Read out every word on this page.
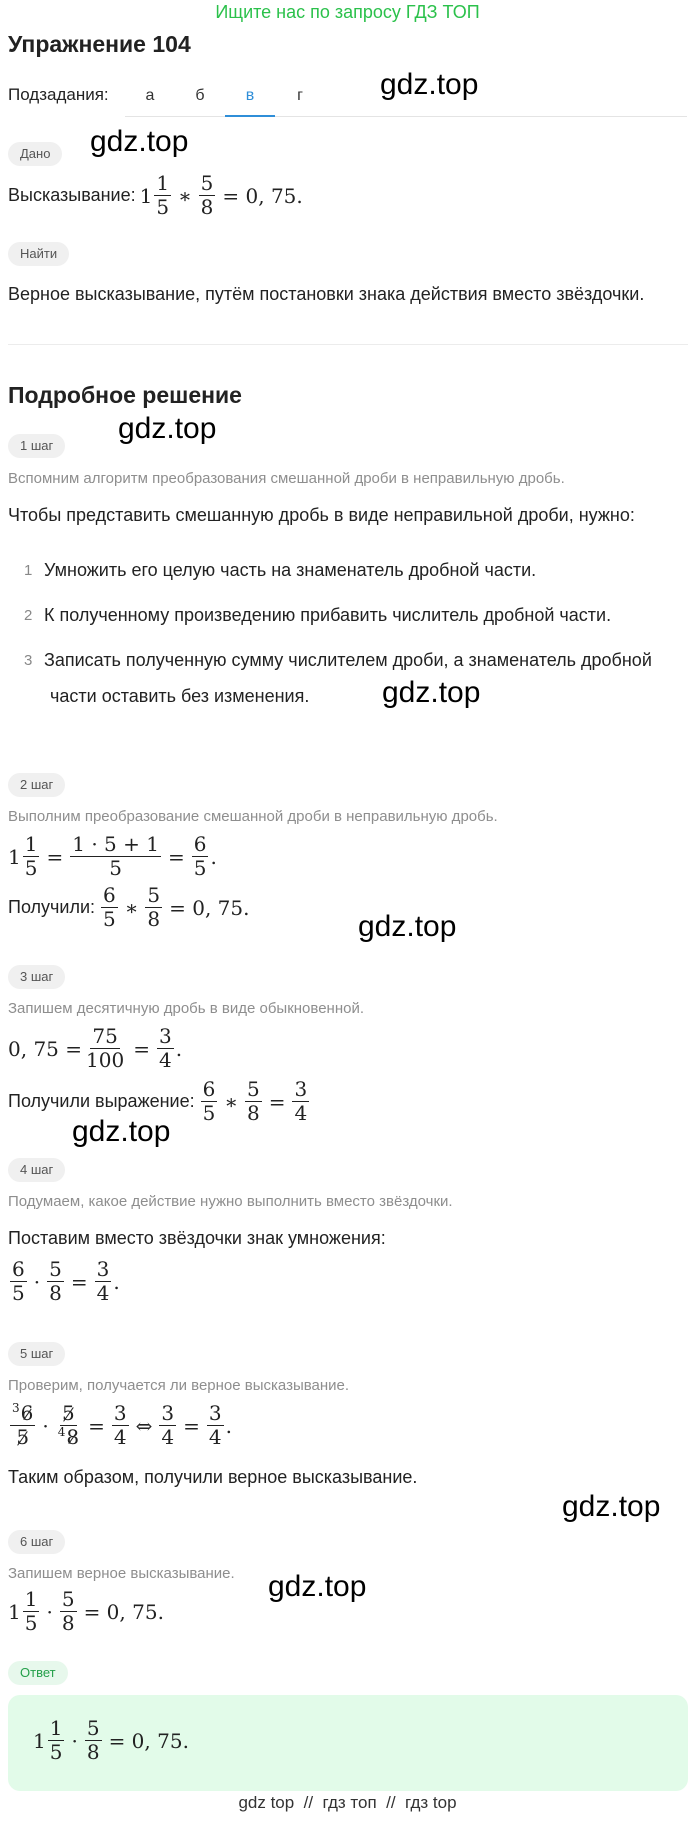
Ищите нас по запросу ГДЗ ТОП
Упражнение 104
Подзадания:	а	б	в	г	gdz.top
Дано	gdz.top
Высказывание: $1 \frac{1}{5}$ ∗ $\frac{5}{8} = 0$, 75.
Найти
Верное высказывание, путём постановки знака действия вместо звёздочки.
Подробное решение
1 шаг
gdz.top
Вспомним алгоритм преобразования смешанной дроби в неправильную дробь.
Чтобы представить смешанную дробь в виде неправильной дроби, нужно:
1 Умножить его целую часть на знаменатель дробной части.
2 К полученному произведению прибавить числитель дробной части.
3 Записать полученную сумму числителем дроби, а знаменатель дробной
части оставить без изменения. gdz.top
2 шаг
Выполним преобразование смешанной дроби в неправильную дробь.
$1 \frac{1}{5} = \frac{1 \cdot 5 + 1}{5} = \frac{6}{5}$ .
Получили: $\frac{6}{5}$ ∗ $\frac{5}{8} = 0$, 75.
gdz.top
3 шаг
Запишем десятичную дробь в виде обыкновенной.
0, $75 = \frac{75}{100} = \frac{3}{4}$ .
Получили выражение: $\frac{6}{5}$ ∗ $\frac{5}{8} = \frac{3}{4}$
gdz.top
4 шаг
Подумаем, какое действие нужно выполнить вместо звёздочки.
Поставим вместо звёздочки знак умножения:
$\frac{6}{5} \cdot \frac{5}{8} = \frac{3}{4}$ .
5 шаг
Проверим, получается ли верное высказывание.
$\frac{^36}{5} \cdot \frac{5}{^48} = \frac{3}{4}$ ⇔ $\frac{3}{4} = \frac{3}{4}$ .
Таким образом, получили верное высказывание.
gdz.top
6 шаг
Запишем верное высказывание. gdz.top
$1 \frac{1}{5} \cdot \frac{5}{8} = 0$, 75.
Ответ
$1 \frac{1}{5} \cdot \frac{5}{8} = 0$, 75.
gdz top  //  гдз топ  //  гдз top
